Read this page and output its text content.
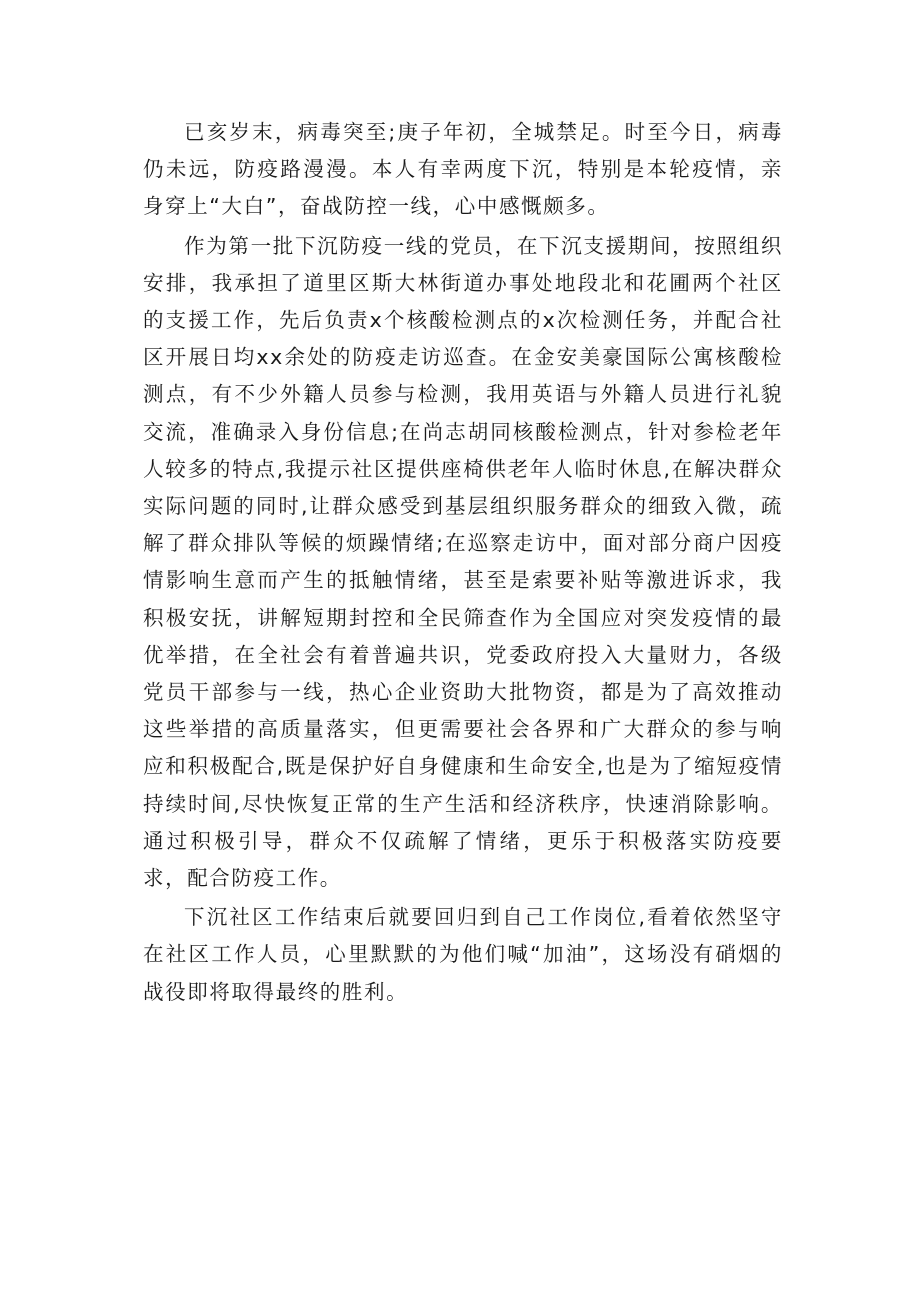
已亥岁末，病毒突至;庚子年初，全城禁足。时至今日，病毒仍未远，防疫路漫漫。本人有幸两度下沉，特别是本轮疫情，亲身穿上“大白”，奋战防控一线，心中感慨颇多。

作为第一批下沉防疫一线的党员，在下沉支援期间，按照组织安排，我承担了道里区斯大林街道办事处地段北和花圃两个社区的支援工作，先后负责x个核酸检测点的x次检测任务，并配合社区开展日均xx余处的防疫走访巡查。在金安美豪国际公寓核酸检测点，有不少外籍人员参与检测，我用英语与外籍人员进行礼貌交流，准确录入身份信息;在尚志胡同核酸检测点，针对参检老年人较多的特点,我提示社区提供座椅供老年人临时休息,在解决群众实际问题的同时,让群众感受到基层组织服务群众的细致入微，疏解了群众排队等候的烦躁情绪;在巡察走访中，面对部分商户因疫情影响生意而产生的抵触情绪，甚至是索要补贴等激进诉求，我积极安抚，讲解短期封控和全民筛查作为全国应对突发疫情的最优举措，在全社会有着普遍共识，党委政府投入大量财力，各级党员干部参与一线，热心企业资助大批物资，都是为了高效推动这些举措的高质量落实，但更需要社会各界和广大群众的参与响应和积极配合,既是保护好自身健康和生命安全,也是为了缩短疫情持续时间,尽快恢复正常的生产生活和经济秩序，快速消除影响。通过积极引导，群众不仅疏解了情绪，更乐于积极落实防疫要求，配合防疫工作。

下沉社区工作结束后就要回归到自己工作岗位,看着依然坚守在社区工作人员，心里默默的为他们喊“加油”，这场没有硝烟的战役即将取得最终的胜利。
